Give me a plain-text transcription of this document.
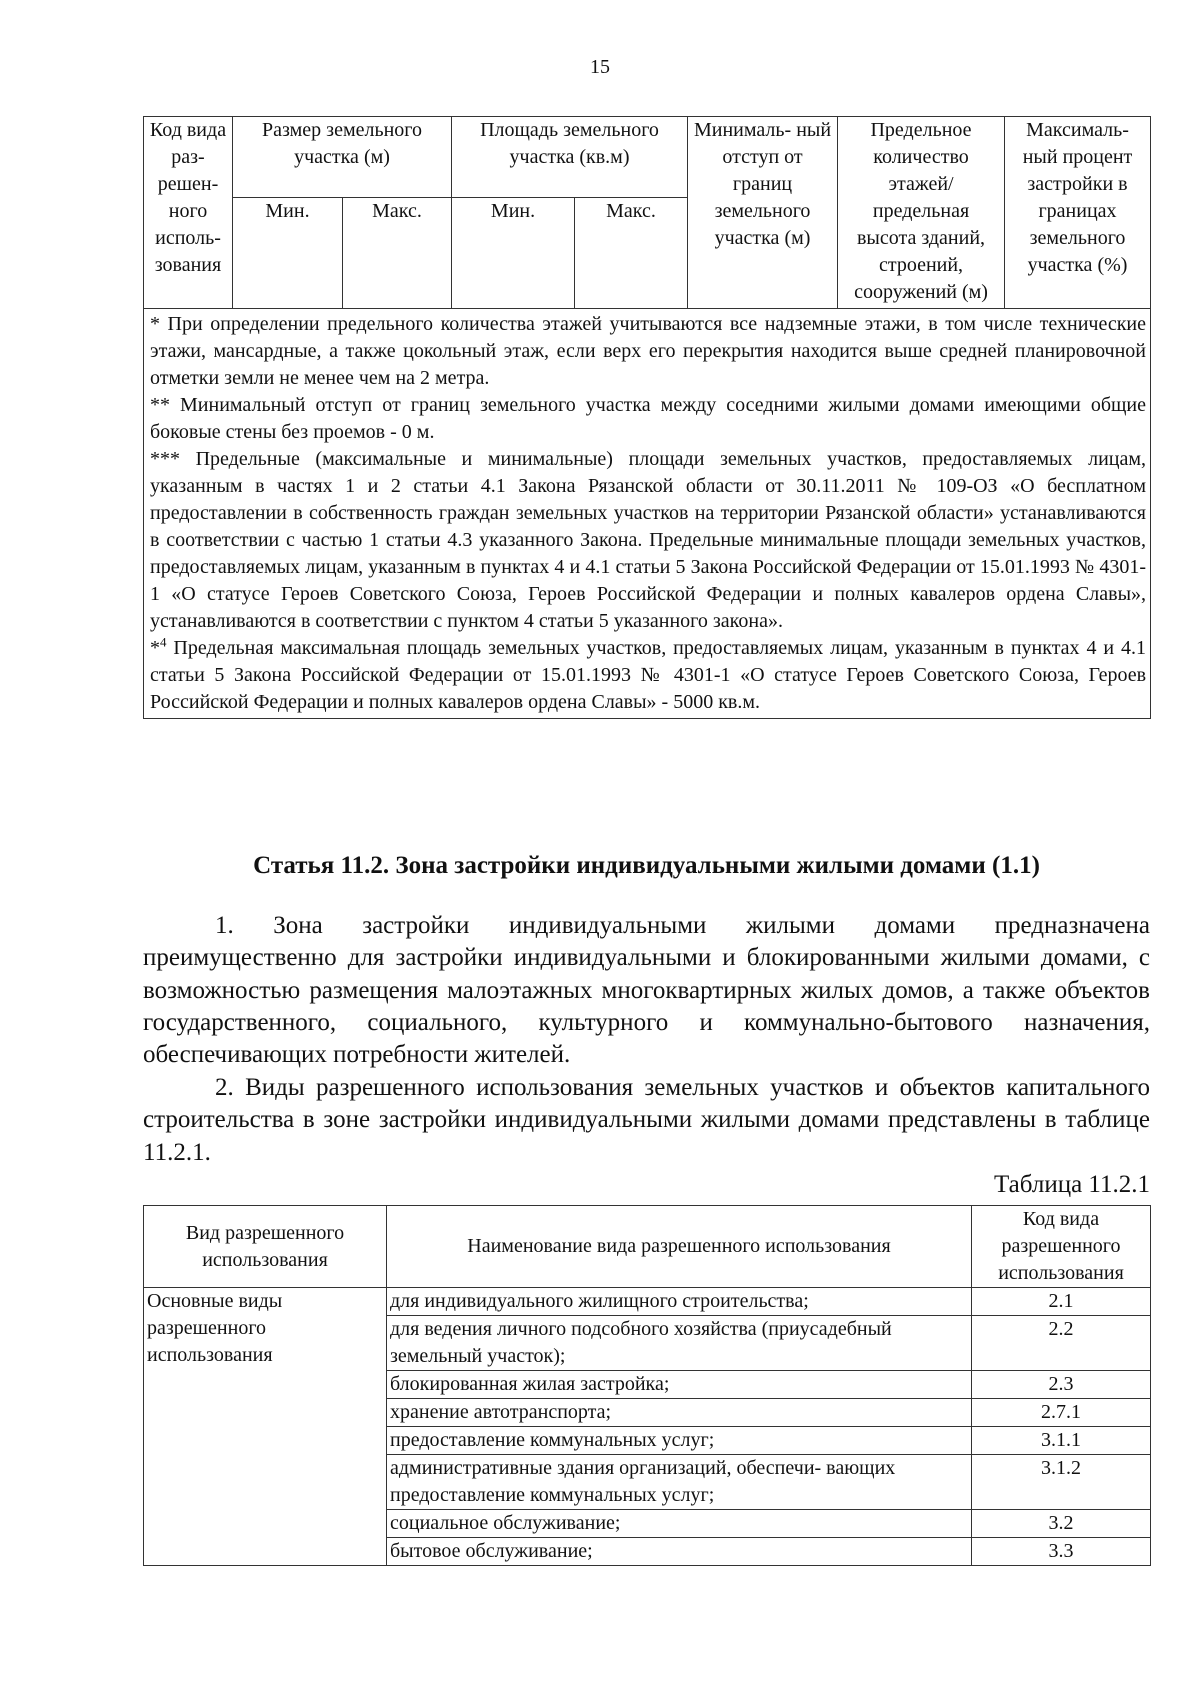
15
Код вида раз- решен- ного исполь- зования	Размер земельного участка (м)		Площадь земельного участка (кв.м)		Минималь- ный отступ от границ земельного участка (м)	Предельное количество этажей/ предельная высота зданий, строений, сооружений (м)	Максималь- ный процент застройки в границах земельного участка (%)
	Мин.	Макс.	Мин.	Макс.			

* При определении предельного количества этажей учитываются все надземные этажи, в том числе технические этажи, мансардные, а также цокольный этаж, если верх его перекрытия находится выше средней планировочной отметки земли не менее чем на 2 метра.

** Минимальный отступ от границ земельного участка между соседними жилыми домами имеющими общие боковые стены без проемов - 0 м.

*** Предельные (максимальные и минимальные) площади земельных участков, предоставляемых лицам, указанным в частях 1 и 2 статьи 4.1 Закона Рязанской области от 30.11.2011 № 109-ОЗ «О бесплатном предоставлении в собственность граждан земельных участков на территории Рязанской области» устанавливаются в соответствии с частью 1 статьи 4.3 указанного Закона. Предельные минимальные площади земельных участков, предоставляемых лицам, указанным в пунктах 4 и 4.1 статьи 5 Закона Российской Федерации от 15.01.1993 № 4301-1 «О статусе Героев Советского Союза, Героев Российской Федерации и полных кавалеров ордена Славы», устанавливаются в соответствии с пунктом 4 статьи 5 указанного закона».

*$^4$ Предельная максимальная площадь земельных участков, предоставляемых лицам, указанным в пунктах 4 и 4.1 статьи 5 Закона Российской Федерации от 15.01.1993 № 4301-1 «О статусе Героев Советского Союза, Героев Российской Федерации и полных кавалеров ордена Славы» - 5000 кв.м.							

Статья 11.2. Зона застройки индивидуальными жилыми домами (1.1)

1. Зона застройки индивидуальными жилыми домами предназначена преимущественно для застройки индивидуальными и блокированными жилыми домами, с возможностью размещения малоэтажных многоквартирных жилых домов, а также объектов государственного, социального, культурного и коммунально-бытового назначения, обеспечивающих потребности жителей.

2. Виды разрешенного использования земельных участков и объектов капитального строительства в зоне застройки индивидуальными жилыми домами представлены в таблице 11.2.1.

Таблица 11.2.1
Вид разрешенного использования	Наименование вида разрешенного использования	Код вида разрешенного использования
Основные виды разрешенного использования	для индивидуального жилищного строительства;	2.1
	для ведения личного подсобного хозяйства (приусадебный земельный участок);	2.2
	блокированная жилая застройка;	2.3
	хранение автотранспорта;	2.7.1
	предоставление коммунальных услуг;	3.1.1
	административные здания организаций, обеспечи- вающих предоставление коммунальных услуг;	3.1.2
	социальное обслуживание;	3.2
	бытовое обслуживание;	3.3
